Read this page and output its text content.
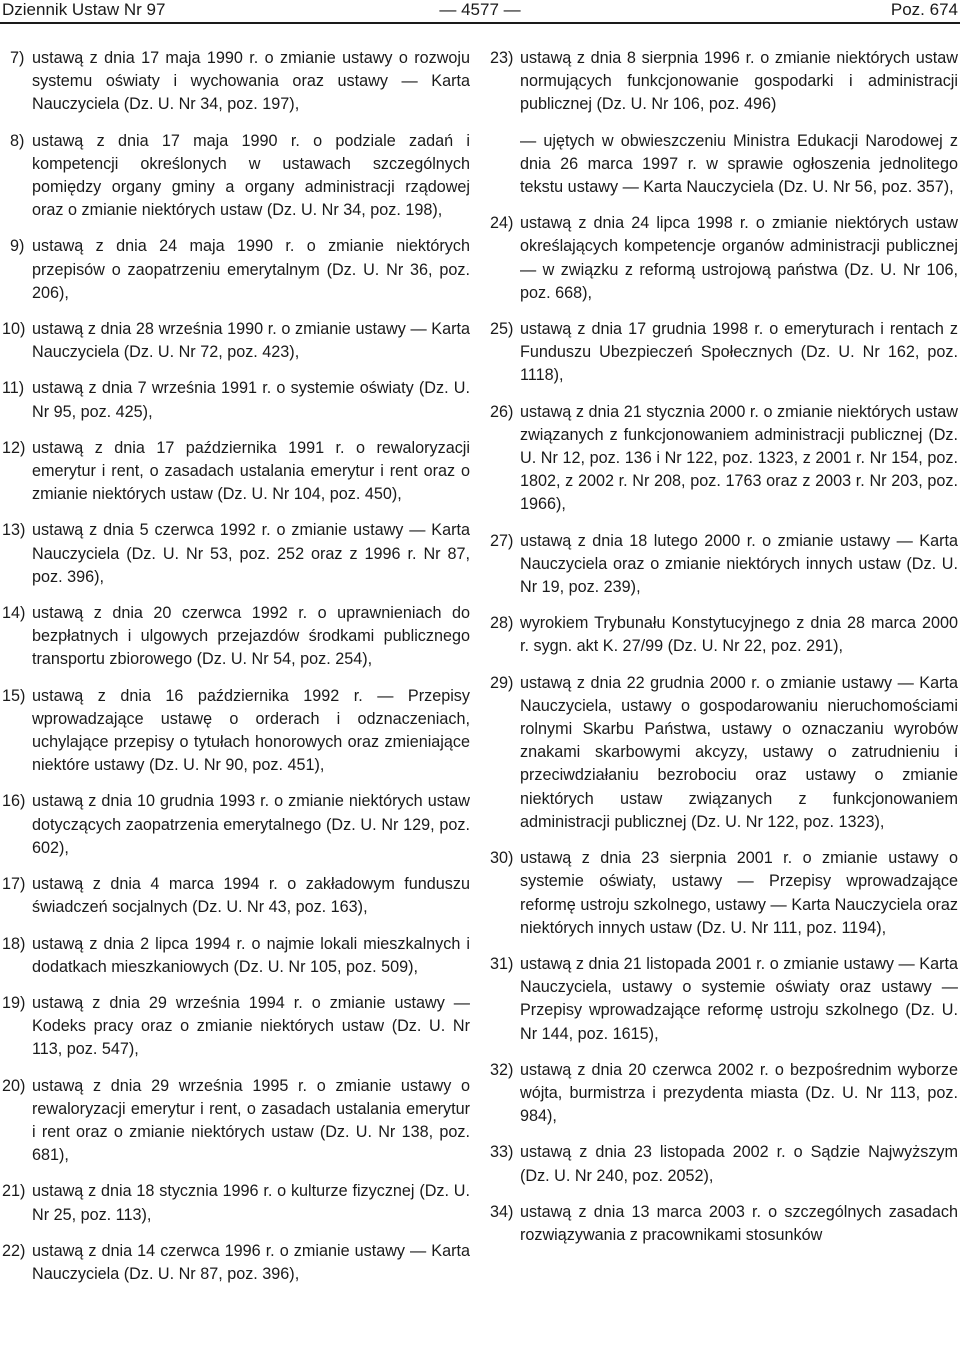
Dziennik Ustaw Nr 97	— 4577 —	Poz. 674
7) ustawą z dnia 17 maja 1990 r. o zmianie ustawy o rozwoju systemu oświaty i wychowania oraz ustawy — Karta Nauczyciela (Dz. U. Nr 34, poz. 197),
8) ustawą z dnia 17 maja 1990 r. o podziale zadań i kompetencji określonych w ustawach szczególnych pomiędzy organy gminy a organy administracji rządowej oraz o zmianie niektórych ustaw (Dz. U. Nr 34, poz. 198),
9) ustawą z dnia 24 maja 1990 r. o zmianie niektórych przepisów o zaopatrzeniu emerytalnym (Dz. U. Nr 36, poz. 206),
10) ustawą z dnia 28 września 1990 r. o zmianie ustawy — Karta Nauczyciela (Dz. U. Nr 72, poz. 423),
11) ustawą z dnia 7 września 1991 r. o systemie oświaty (Dz. U. Nr 95, poz. 425),
12) ustawą z dnia 17 października 1991 r. o rewaloryzacji emerytur i rent, o zasadach ustalania emerytur i rent oraz o zmianie niektórych ustaw (Dz. U. Nr 104, poz. 450),
13) ustawą z dnia 5 czerwca 1992 r. o zmianie ustawy — Karta Nauczyciela (Dz. U. Nr 53, poz. 252 oraz z 1996 r. Nr 87, poz. 396),
14) ustawą z dnia 20 czerwca 1992 r. o uprawnieniach do bezpłatnych i ulgowych przejazdów środkami publicznego transportu zbiorowego (Dz. U. Nr 54, poz. 254),
15) ustawą z dnia 16 października 1992 r. — Przepisy wprowadzające ustawę o orderach i odznaczeniach, uchylające przepisy o tytułach honorowych oraz zmieniające niektóre ustawy (Dz. U. Nr 90, poz. 451),
16) ustawą z dnia 10 grudnia 1993 r. o zmianie niektórych ustaw dotyczących zaopatrzenia emerytalnego (Dz. U. Nr 129, poz. 602),
17) ustawą z dnia 4 marca 1994 r. o zakładowym funduszu świadczeń socjalnych (Dz. U. Nr 43, poz. 163),
18) ustawą z dnia 2 lipca 1994 r. o najmie lokali mieszkalnych i dodatkach mieszkaniowych (Dz. U. Nr 105, poz. 509),
19) ustawą z dnia 29 września 1994 r. o zmianie ustawy — Kodeks pracy oraz o zmianie niektórych ustaw (Dz. U. Nr 113, poz. 547),
20) ustawą z dnia 29 września 1995 r. o zmianie ustawy o rewaloryzacji emerytur i rent, o zasadach ustalania emerytur i rent oraz o zmianie niektórych ustaw (Dz. U. Nr 138, poz. 681),
21) ustawą z dnia 18 stycznia 1996 r. o kulturze fizycznej (Dz. U. Nr 25, poz. 113),
22) ustawą z dnia 14 czerwca 1996 r. o zmianie ustawy — Karta Nauczyciela (Dz. U. Nr 87, poz. 396),
23) ustawą z dnia 8 sierpnia 1996 r. o zmianie niektórych ustaw normujących funkcjonowanie gospodarki i administracji publicznej (Dz. U. Nr 106, poz. 496)
— ujętych w obwieszczeniu Ministra Edukacji Narodowej z dnia 26 marca 1997 r. w sprawie ogłoszenia jednolitego tekstu ustawy — Karta Nauczyciela (Dz. U. Nr 56, poz. 357),
24) ustawą z dnia 24 lipca 1998 r. o zmianie niektórych ustaw określających kompetencje organów administracji publicznej — w związku z reformą ustrojową państwa (Dz. U. Nr 106, poz. 668),
25) ustawą z dnia 17 grudnia 1998 r. o emeryturach i rentach z Funduszu Ubezpieczeń Społecznych (Dz. U. Nr 162, poz. 1118),
26) ustawą z dnia 21 stycznia 2000 r. o zmianie niektórych ustaw związanych z funkcjonowaniem administracji publicznej (Dz. U. Nr 12, poz. 136 i Nr 122, poz. 1323, z 2001 r. Nr 154, poz. 1802, z 2002 r. Nr 208, poz. 1763 oraz z 2003 r. Nr 203, poz. 1966),
27) ustawą z dnia 18 lutego 2000 r. o zmianie ustawy — Karta Nauczyciela oraz o zmianie niektórych innych ustaw (Dz. U. Nr 19, poz. 239),
28) wyrokiem Trybunału Konstytucyjnego z dnia 28 marca 2000 r. sygn. akt K. 27/99 (Dz. U. Nr 22, poz. 291),
29) ustawą z dnia 22 grudnia 2000 r. o zmianie ustawy — Karta Nauczyciela, ustawy o gospodarowaniu nieruchomościami rolnymi Skarbu Państwa, ustawy o oznaczaniu wyrobów znakami skarbowymi akcyzy, ustawy o zatrudnieniu i przeciwdziałaniu bezrobociu oraz ustawy o zmianie niektórych ustaw związanych z funkcjonowaniem administracji publicznej (Dz. U. Nr 122, poz. 1323),
30) ustawą z dnia 23 sierpnia 2001 r. o zmianie ustawy o systemie oświaty, ustawy — Przepisy wprowadzające reformę ustroju szkolnego, ustawy — Karta Nauczyciela oraz niektórych innych ustaw (Dz. U. Nr 111, poz. 1194),
31) ustawą z dnia 21 listopada 2001 r. o zmianie ustawy — Karta Nauczyciela, ustawy o systemie oświaty oraz ustawy — Przepisy wprowadzające reformę ustroju szkolnego (Dz. U. Nr 144, poz. 1615),
32) ustawą z dnia 20 czerwca 2002 r. o bezpośrednim wyborze wójta, burmistrza i prezydenta miasta (Dz. U. Nr 113, poz. 984),
33) ustawą z dnia 23 listopada 2002 r. o Sądzie Najwyższym (Dz. U. Nr 240, poz. 2052),
34) ustawą z dnia 13 marca 2003 r. o szczególnych zasadach rozwiązywania z pracownikami stosunków
